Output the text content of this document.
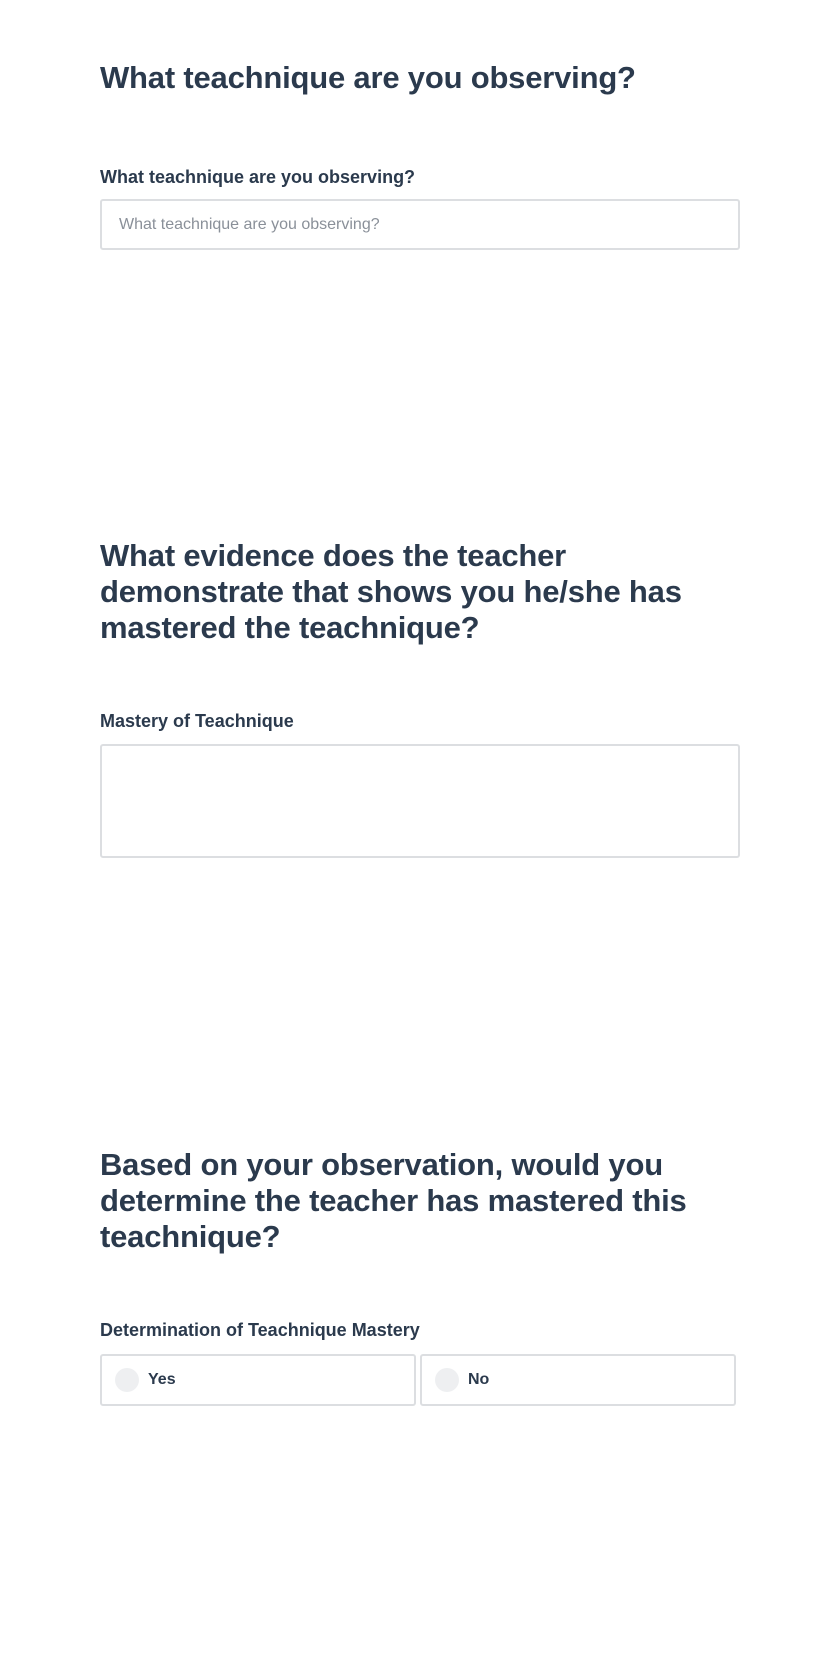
What teachnique are you observing?
What teachnique are you observing?
What teachnique are you observing?
What evidence does the teacher demonstrate that shows you he/she has mastered the teachnique?
Mastery of Teachnique
Based on your observation, would you determine the teacher has mastered this teachnique?
Determination of Teachnique Mastery
Yes	No
